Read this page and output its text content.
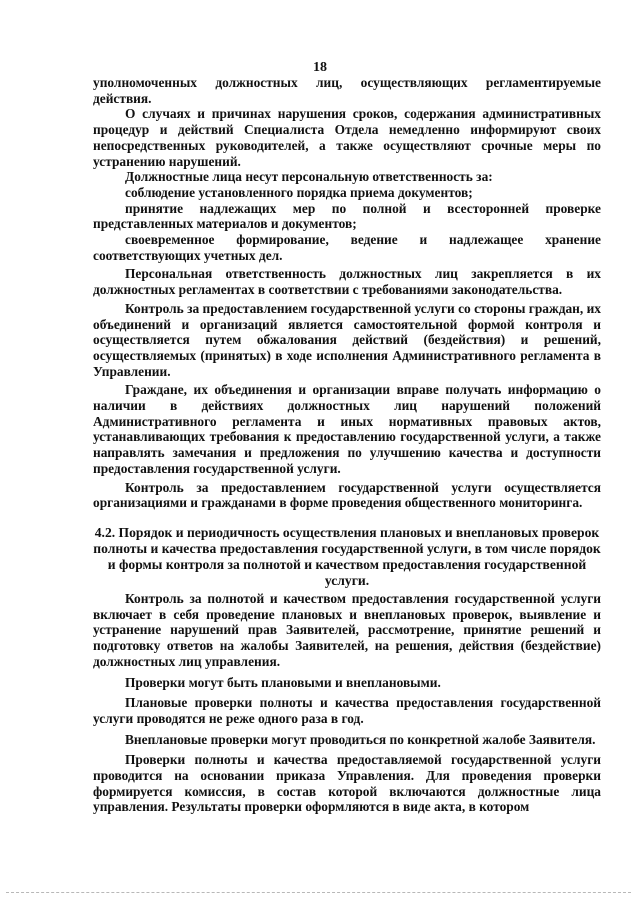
18

уполномоченных должностных лиц, осуществляющих регламентируемые действия.

О случаях и причинах нарушения сроков, содержания административных процедур и действий Специалиста Отдела немедленно информируют своих непосредственных руководителей, а также осуществляют срочные меры по устранению нарушений.

Должностные лица несут персональную ответственность за:

соблюдение установленного порядка приема документов;

принятие надлежащих мер по полной и всесторонней проверке представленных материалов и документов;

своевременное формирование, ведение и надлежащее хранение соответствующих учетных дел.

Персональная ответственность должностных лиц закрепляется в их должностных регламентах в соответствии с требованиями законодательства.

Контроль за предоставлением государственной услуги со стороны граждан, их объединений и организаций является самостоятельной формой контроля и осуществляется путем обжалования действий (бездействия) и решений, осуществляемых (принятых) в ходе исполнения Административного регламента в Управлении.

Граждане, их объединения и организации вправе получать информацию о наличии в действиях должностных лиц нарушений положений Административного регламента и иных нормативных правовых актов, устанавливающих требования к предоставлению государственной услуги, а также направлять замечания и предложения по улучшению качества и доступности предоставления государственной услуги.

Контроль за предоставлением государственной услуги осуществляется организациями и гражданами в форме проведения общественного мониторинга.

4.2. Порядок и периодичность осуществления плановых и внеплановых проверок полноты и качества предоставления государственной услуги, в том числе порядок и формы контроля за полнотой и качеством предоставления государственной услуги.

Контроль за полнотой и качеством предоставления государственной услуги включает в себя проведение плановых и внеплановых проверок, выявление и устранение нарушений прав Заявителей, рассмотрение, принятие решений и подготовку ответов на жалобы Заявителей, на решения, действия (бездействие) должностных лиц управления.

Проверки могут быть плановыми и внеплановыми.

Плановые проверки полноты и качества предоставления государственной услуги проводятся не реже одного раза в год.

Внеплановые проверки могут проводиться по конкретной жалобе Заявителя.

Проверки полноты и качества предоставляемой государственной услуги проводится на основании приказа Управления. Для проведения проверки формируется комиссия, в состав которой включаются должностные лица управления. Результаты проверки оформляются в виде акта, в котором
